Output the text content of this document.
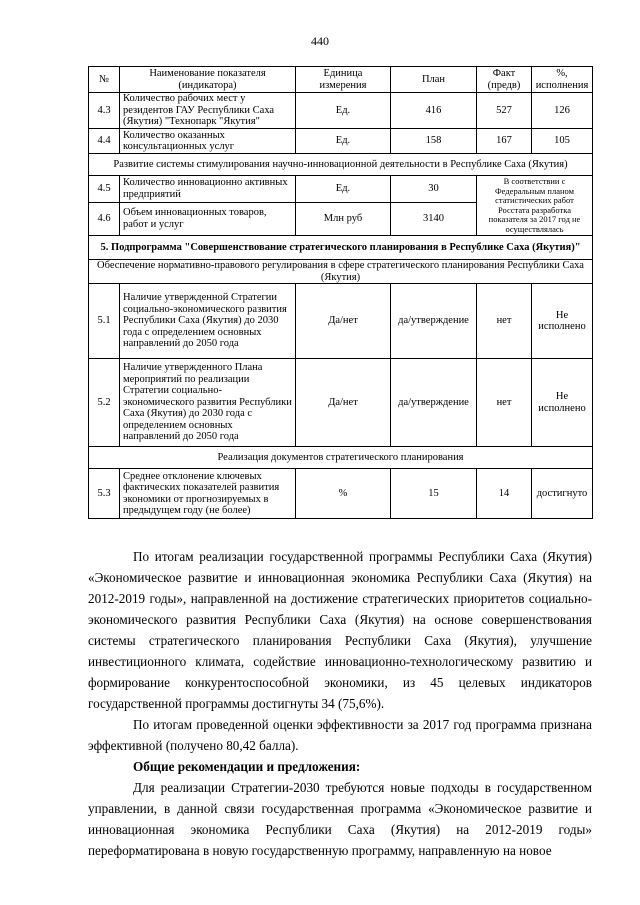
440
№	Наименование показателя (индикатора)	Единица измерения	План	Факт (предв)	%, исполнения
4.3	Количество рабочих мест у резидентов ГАУ Республики Саха (Якутия) "Технопарк "Якутия"	Ед.	416	527	126
4.4	Количество оказанных консультационных услуг	Ед.	158	167	105
Развитие системы стимулирования научно-инновационной деятельности в Республике Саха (Якутия)					
4.5	Количество инновационно активных предприятий	Ед.	30	В соответствии с Федеральным планом статистических работ Росстата разработка показателя за 2017 год не осуществлялась	
4.6	Объем инновационных товаров, работ и услуг	Млн руб	3140		
5. Подпрограмма "Совершенствование стратегического планирования в Республике Саха (Якутия)"					
Обеспечение нормативно-правового регулирования в сфере стратегического планирования Республики Саха (Якутия)					
5.1	Наличие утвержденной Стратегии социально-экономического развития Республики Саха (Якутия) до 2030 года с определением основных направлений до 2050 года	Да/нет	да/утверждение	нет	Не исполнено
5.2	Наличие утвержденного Плана мероприятий по реализации Стратегии социально-экономического развития Республики Саха (Якутия) до 2030 года с определением основных направлений до 2050 года	Да/нет	да/утверждение	нет	Не исполнено
Реализация документов стратегического планирования					
5.3	Среднее отклонение ключевых фактических показателей развития экономики от прогнозируемых в предыдущем году (не более)	%	15	14	достигнуто

По итогам реализации государственной программы Республики Саха (Якутия) «Экономическое развитие и инновационная экономика Республики Саха (Якутия) на 2012-2019 годы», направленной на достижение стратегических приоритетов социально-экономического развития Республики Саха (Якутия) на основе совершенствования системы стратегического планирования Республики Саха (Якутия), улучшение инвестиционного климата, содействие инновационно-технологическому развитию и формирование конкурентоспособной экономики, из 45 целевых индикаторов государственной программы достигнуты 34 (75,6%).

По итогам проведенной оценки эффективности за 2017 год программа признана эффективной (получено 80,42 балла).

Общие рекомендации и предложения:

Для реализации Стратегии-2030 требуются новые подходы в государственном управлении, в данной связи государственная программа «Экономическое развитие и инновационная экономика Республики Саха (Якутия) на 2012-2019 годы» переформатирована в новую государственную программу, направленную на новое
